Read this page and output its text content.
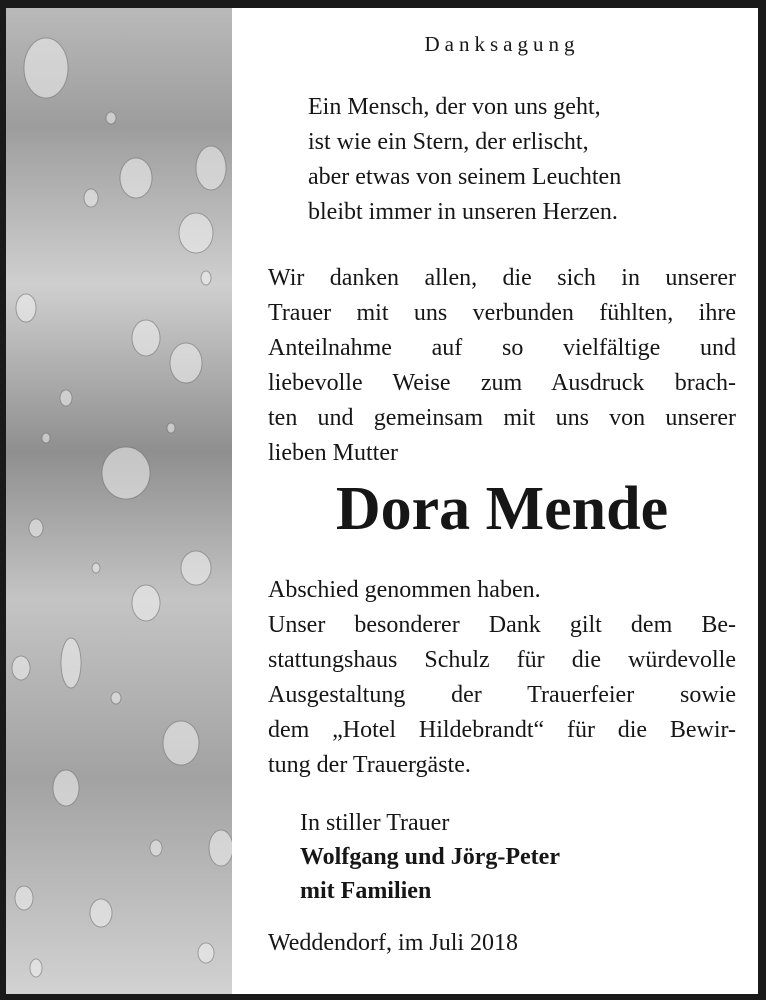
Danksagung
Ein Mensch, der von uns geht,
ist wie ein Stern, der erlischt,
aber etwas von seinem Leuchten
bleibt immer in unseren Herzen.
Wir danken allen, die sich in unserer
Trauer mit uns verbunden fühlten, ihre
Anteilnahme auf so vielfältige und
liebevolle Weise zum Ausdruck brach-
ten und gemeinsam mit uns von unserer
lieben Mutter
Dora Mende
Abschied genommen haben.
Unser besonderer Dank gilt dem Be-
stattungshaus Schulz für die würdevolle
Ausgestaltung der Trauerfeier sowie
dem „Hotel Hildebrandt“ für die Bewir-
tung der Trauergäste.
In stiller Trauer
Wolfgang und Jörg-Peter
mit Familien
Weddendorf, im Juli 2018
